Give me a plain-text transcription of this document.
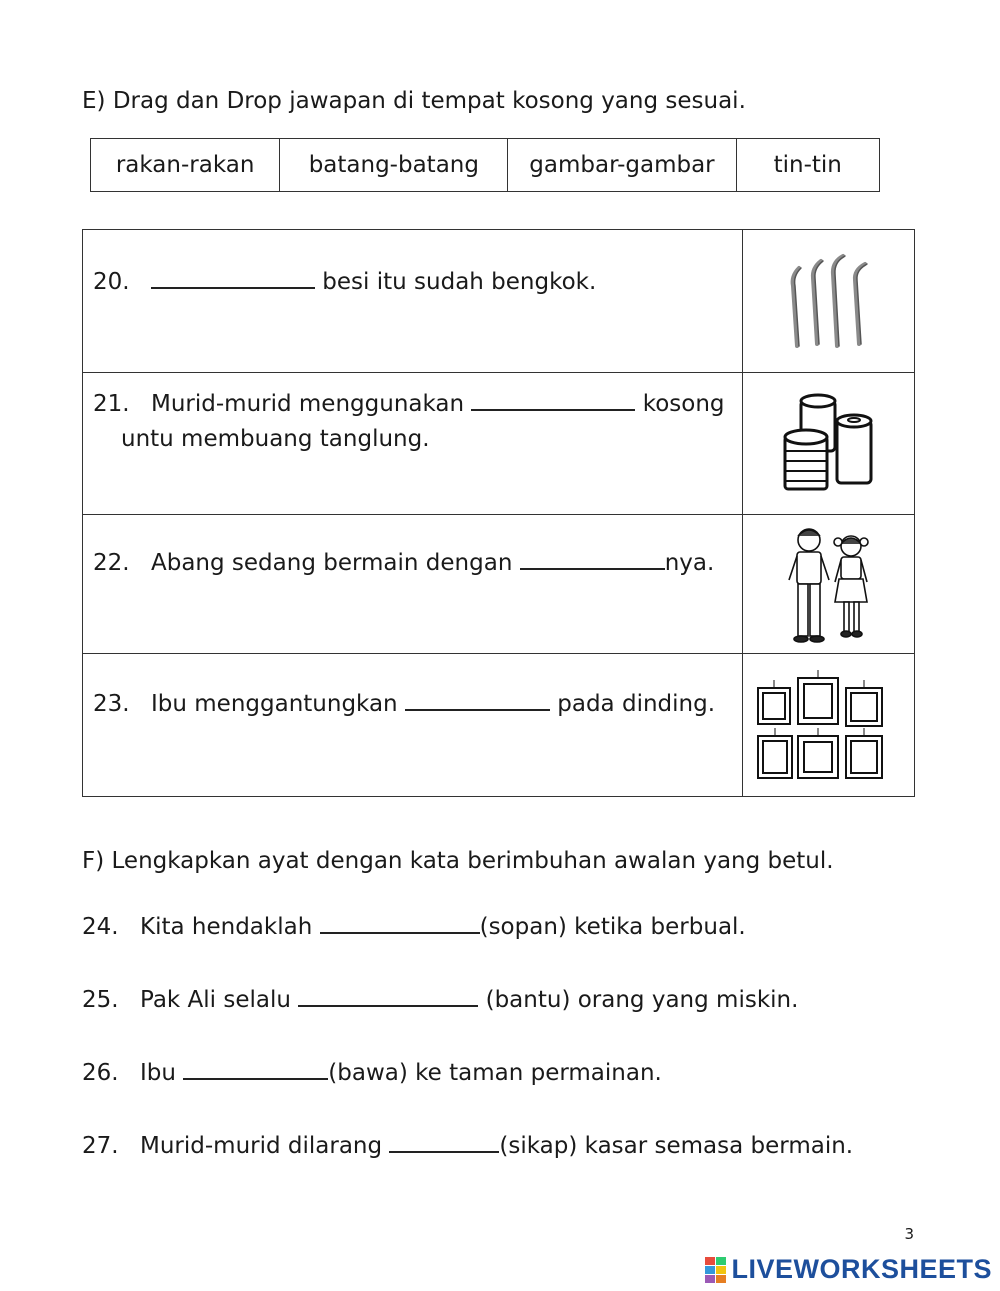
E) Drag dan Drop jawapan di tempat kosong yang sesuai.
rakan-rakan	batang-batang	gambar-gambar	tin-tin
20.	besi itu sudah bengkok.
21. Murid-murid menggunakan	kosong
untu membuang tanglung.
22. Abang sedang bermain dengan	nya.
23. Ibu menggantungkan	pada dinding.
F) Lengkapkan ayat dengan kata berimbuhan awalan yang betul.
24. Kita hendaklah	(sopan) ketika berbual.
25. Pak Ali selalu	(bantu) orang yang miskin.
26. Ibu	(bawa) ke taman permainan.
27. Murid-murid dilarang	(sikap) kasar semasa bermain.
3
LIVEWORKSHEETS
